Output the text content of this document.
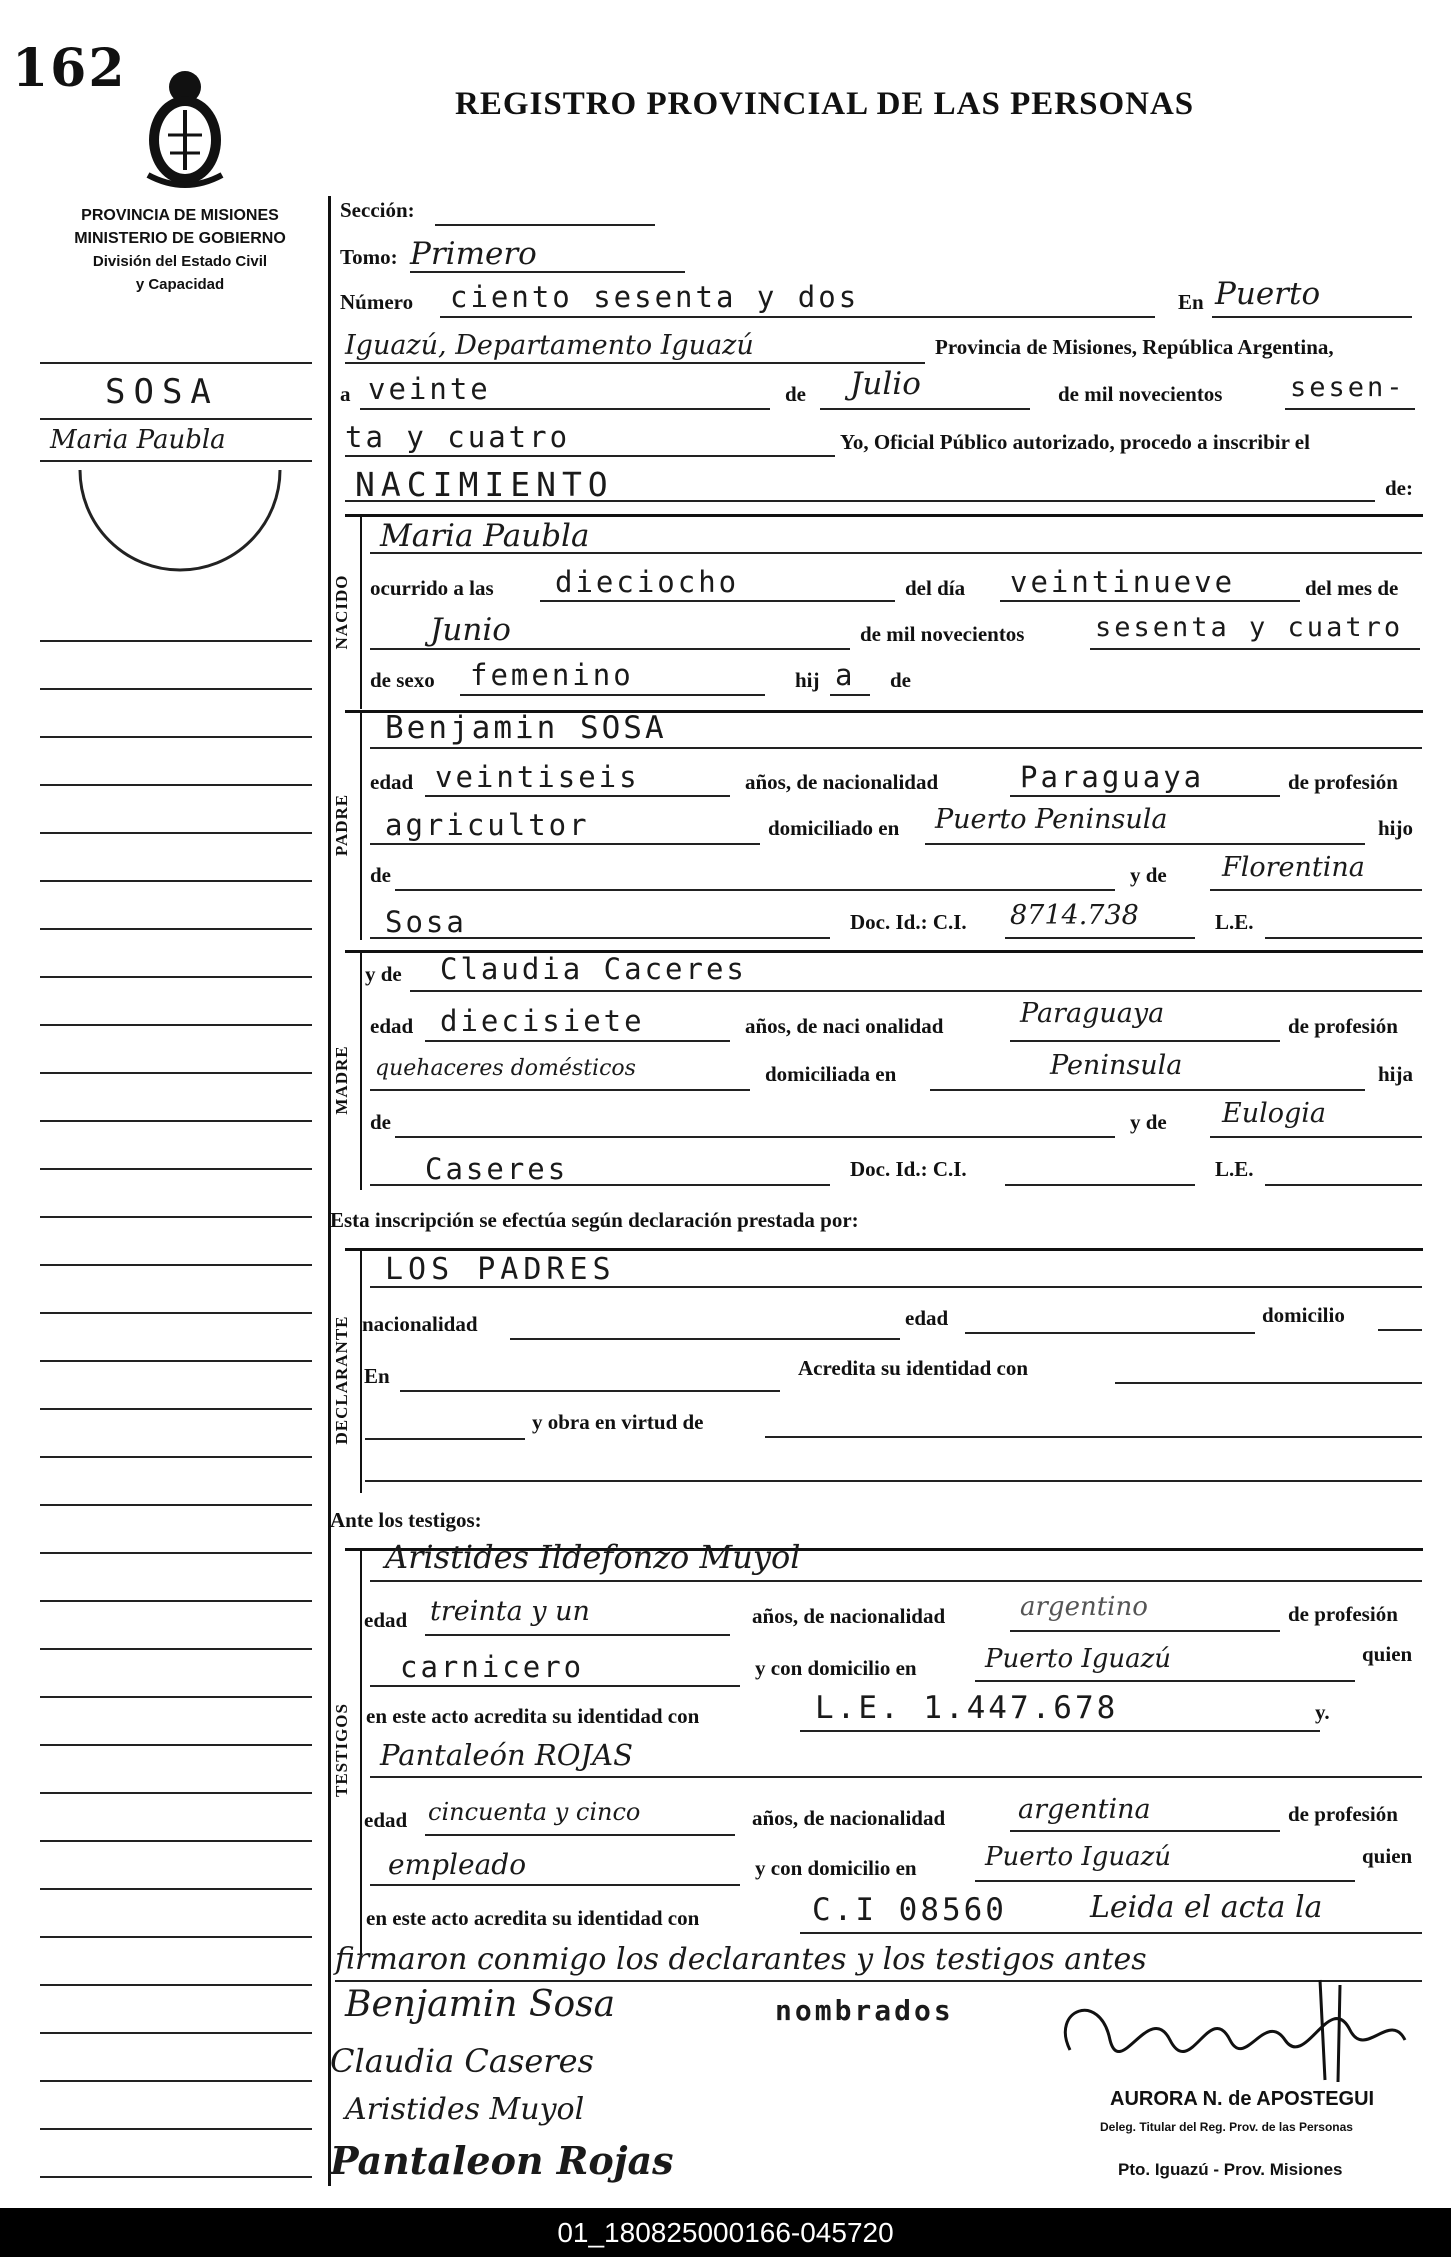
162
REGISTRO PROVINCIAL DE LAS PERSONAS
PROVINCIA DE MISIONES
MINISTERIO DE GOBIERNO
División del Estado Civil
y Capacidad
SOSA
Maria Paubla
Sección:
Tomo: Primero
Número ciento sesenta y dos	En Puerto
Iguazú, Departamento Iguazú	Provincia de Misiones, República Argentina,
a veinte	de Julio	de mil novecientos	sesen-
ta y cuatro	Yo, Oficial Público autorizado, procedo a inscribir el
NACIMIENTO	de:
NACIDO
Maria Paubla
ocurrido a las dieciocho	del día veintinueve	del mes de
Junio	de mil novecientos	sesenta y cuatro
de sexo femenino	hij a de
PADRE
Benjamin SOSA
edad veintiseis	años, de nacionalidad	Paraguaya	de profesión
agricultor	domiciliado en Puerto Peninsula	hijo
de	y de Florentina
Sosa	Doc. Id.: C.I. 8714.738	L.E.
MADRE
y de Claudia Caceres
edad diecisiete	años, de naci onalidad	Paraguaya	de profesión
quehaceres domésticos	domiciliada en	Peninsula	hija
de	y de Eulogia
Caseres	Doc. Id.: C.I.	L.E.
Esta inscripción se efectúa según declaración prestada por:
DECLARANTE
LOS PADRES
nacionalidad	edad	domicilio
En	Acredita su identidad con
y obra en virtud de
Ante los testigos:
TESTIGOS
Aristides Ildefonzo Muyol
edad treinta y un	años, de nacionalidad	argentino	de profesión
carnicero	y con domicilio en	Puerto Iguazú	quien
en este acto acredita su identidad con	L.E. 1.447.678	y.
Pantaleón ROJAS
edad cincuenta y cinco	años, de nacionalidad	argentina	de profesión
empleado	y con domicilio en	Puerto Iguazú	quien
en este acto acredita su identidad con	C.I 08560	Leida el acta la
firmaron conmigo los declarantes y los testigos antes
nombrados
Benjamin Sosa
Claudia Caseres
Aristides Muyol
Pantaleon Rojas
AURORA N. de APOSTEGUI
Deleg. Titular del Reg. Prov. de las Personas
Pto. Iguazú - Prov. Misiones
01_180825000166-045720
